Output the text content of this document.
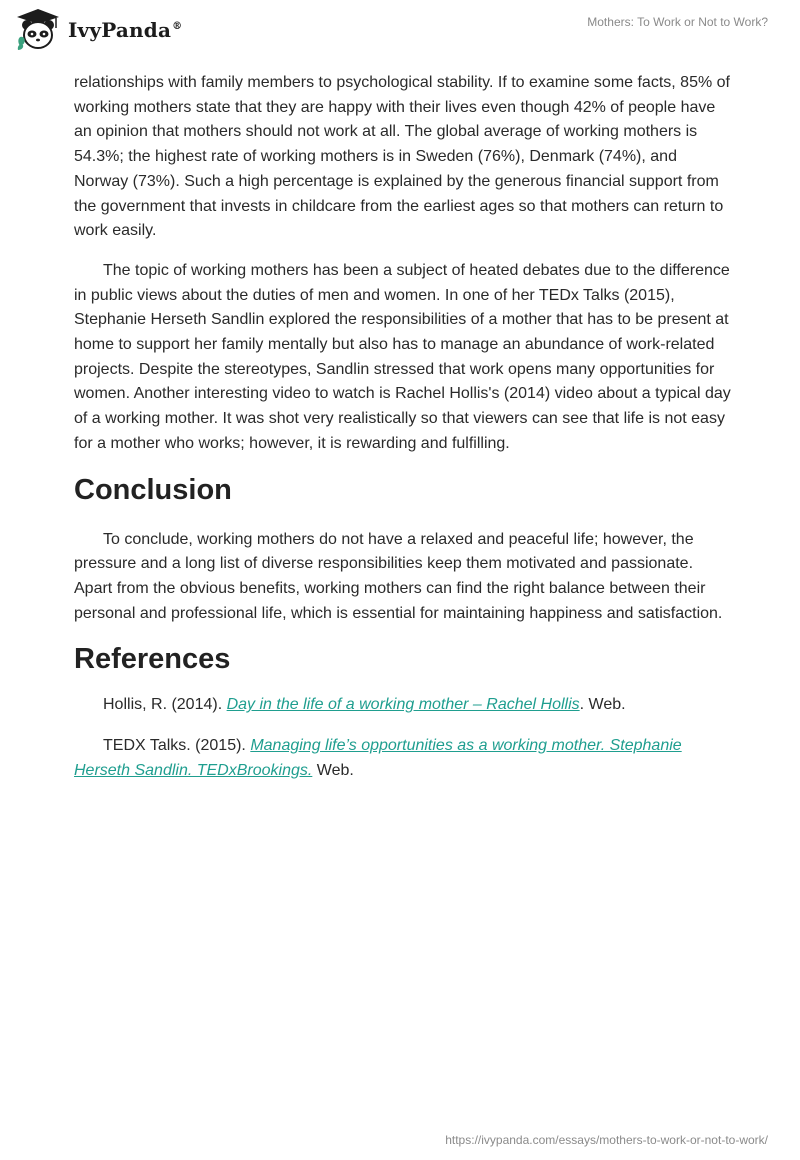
IvyPanda®	Mothers: To Work or Not to Work?

relationships with family members to psychological stability. If to examine some facts, 85% of working mothers state that they are happy with their lives even though 42% of people have an opinion that mothers should not work at all. The global average of working mothers is 54.3%; the highest rate of working mothers is in Sweden (76%), Denmark (74%), and Norway (73%). Such a high percentage is explained by the generous financial support from the government that invests in childcare from the earliest ages so that mothers can return to work easily.

The topic of working mothers has been a subject of heated debates due to the difference in public views about the duties of men and women. In one of her TEDx Talks (2015), Stephanie Herseth Sandlin explored the responsibilities of a mother that has to be present at home to support her family mentally but also has to manage an abundance of work-related projects. Despite the stereotypes, Sandlin stressed that work opens many opportunities for women. Another interesting video to watch is Rachel Hollis's (2014) video about a typical day of a working mother. It was shot very realistically so that viewers can see that life is not easy for a mother who works; however, it is rewarding and fulfilling.

Conclusion

To conclude, working mothers do not have a relaxed and peaceful life; however, the pressure and a long list of diverse responsibilities keep them motivated and passionate. Apart from the obvious benefits, working mothers can find the right balance between their personal and professional life, which is essential for maintaining happiness and satisfaction.

References

Hollis, R. (2014). Day in the life of a working mother – Rachel Hollis. Web.

TEDX Talks. (2015). Managing life’s opportunities as a working mother. Stephanie Herseth Sandlin. TEDxBrookings. Web.

https://ivypanda.com/essays/mothers-to-work-or-not-to-work/
